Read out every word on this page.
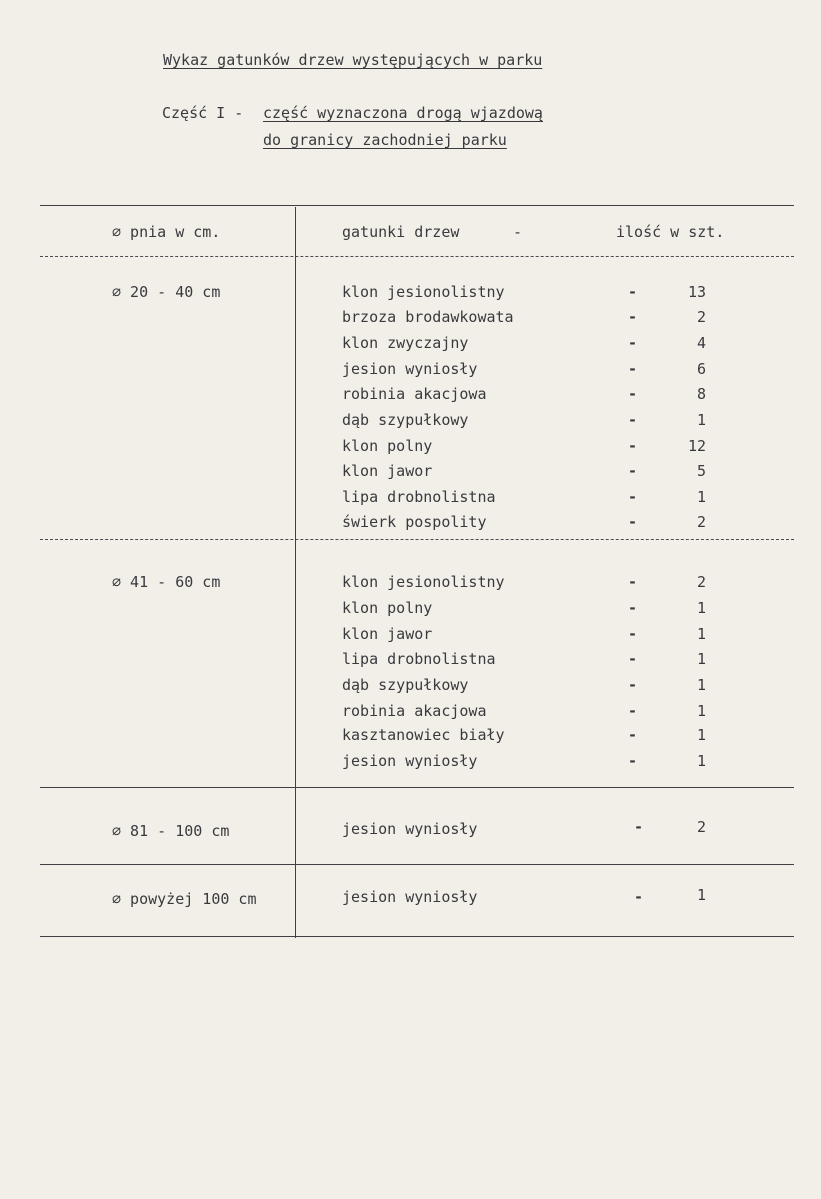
Wykaz gatunków drzew występujących w parku
Część I - część wyznaczona drogą wjazdową
do granicy zachodniej parku
∅ pnia w cm.	gatunki drzew	-	ilość w szt.
∅ 20 - 40 cm	klon jesionolistny	-	13
brzoza brodawkowata	-	2
klon zwyczajny	-	4
jesion wyniosły	-	6
robinia akacjowa	-	8
dąb szypułkowy	-	1
klon polny	-	12
klon jawor	-	5
lipa drobnolistna	-	1
świerk pospolity	-	2
∅ 41 - 60 cm	klon jesionolistny	-	2
klon polny	-	1
klon jawor	-	1
lipa drobnolistna	-	1
dąb szypułkowy	-	1
robinia akacjowa	-	1
kasztanowiec biały	-	1
jesion wyniosły	-	1
∅ 81 - 100 cm	jesion wyniosły	-	2
∅ powyżej 100 cm	jesion wyniosły	-	1
